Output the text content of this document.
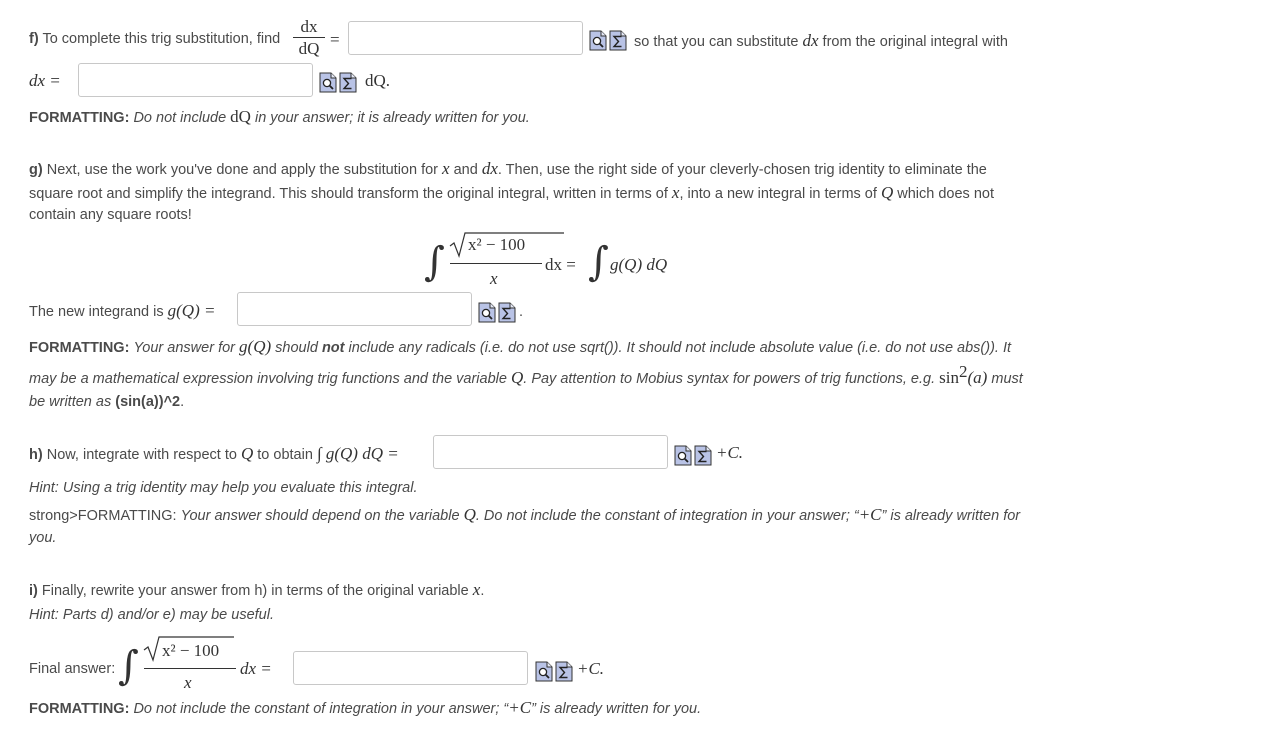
f) To complete this trig substitution, find
dx
dQ =	so that you can substitute dx from the original integral with
dx =	dQ.
FORMATTING: Do not include dQ in your answer; it is already written for you.
g) Next, use the work you've done and apply the substitution for x and dx. Then, use the right side of your cleverly-chosen trig identity to eliminate the
square root and simplify the integrand. This should transform the original integral, written in terms of x, into a new integral in terms of Q which does not
contain any square roots!
∫ x² − 100
x
dx = ∫ g(Q) dQ
The new integrand is g(Q) =	.
FORMATTING: Your answer for g(Q) should not include any radicals (i.e. do not use sqrt()). It should not include absolute value (i.e. do not use abs()). It
may be a mathematical expression involving trig functions and the variable Q. Pay attention to Mobius syntax for powers of trig functions, e.g. $\sin^2(a)$ must
be written as (sin(a))^2.
h) Now, integrate with respect to Q to obtain ∫ g(Q) dQ =	+C.
Hint: Using a trig identity may help you evaluate this integral.
strong>FORMATTING: Your answer should depend on the variable Q. Do not include the constant of integration in your answer; “+C” is already written for
you.
i) Finally, rewrite your answer from h) in terms of the original variable x.
Hint: Parts d) and/or e) may be useful.
Final answer: ∫ x² − 100
x
dx =	+C.
FORMATTING: Do not include the constant of integration in your answer; “+C” is already written for you.
